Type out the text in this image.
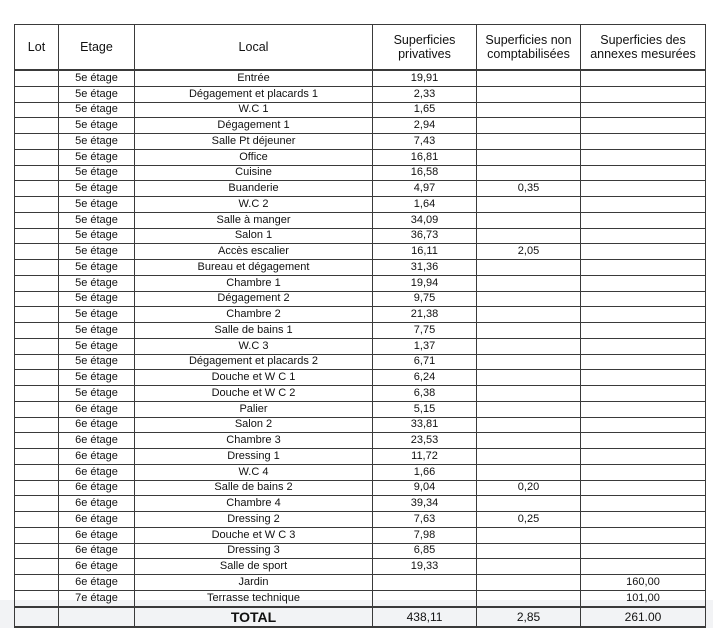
Lot	Etage	Local	Superficies privatives	Superficies non comptabilisées	Superficies des annexes mesurées
	5e étage	Entrée	19,91		
	5e étage	Dégagement et placards 1	2,33		
	5e étage	W.C 1	1,65		
	5e étage	Dégagement 1	2,94		
	5e étage	Salle Pt déjeuner	7,43		
	5e étage	Office	16,81		
	5e étage	Cuisine	16,58		
	5e étage	Buanderie	4,97	0,35	
	5e étage	W.C 2	1,64		
	5e étage	Salle à manger	34,09		
	5e étage	Salon 1	36,73		
	5e étage	Accès escalier	16,11	2,05	
	5e étage	Bureau et dégagement	31,36		
	5e étage	Chambre 1	19,94		
	5e étage	Dégagement 2	9,75		
	5e étage	Chambre 2	21,38		
	5e étage	Salle de bains 1	7,75		
	5e étage	W.C 3	1,37		
	5e étage	Dégagement et placards 2	6,71		
	5e étage	Douche et W C 1	6,24		
	5e étage	Douche et W C 2	6,38		
	6e étage	Palier	5,15		
	6e étage	Salon 2	33,81		
	6e étage	Chambre 3	23,53		
	6e étage	Dressing 1	11,72		
	6e étage	W.C 4	1,66		
	6e étage	Salle de bains 2	9,04	0,20	
	6e étage	Chambre 4	39,34		
	6e étage	Dressing 2	7,63	0,25	
	6e étage	Douche et W C 3	7,98		
	6e étage	Dressing 3	6,85		
	6e étage	Salle de sport	19,33		
	6e étage	Jardin			160,00
	7e étage	Terrasse technique			101,00
		TOTAL	438,11	2,85	261.00
